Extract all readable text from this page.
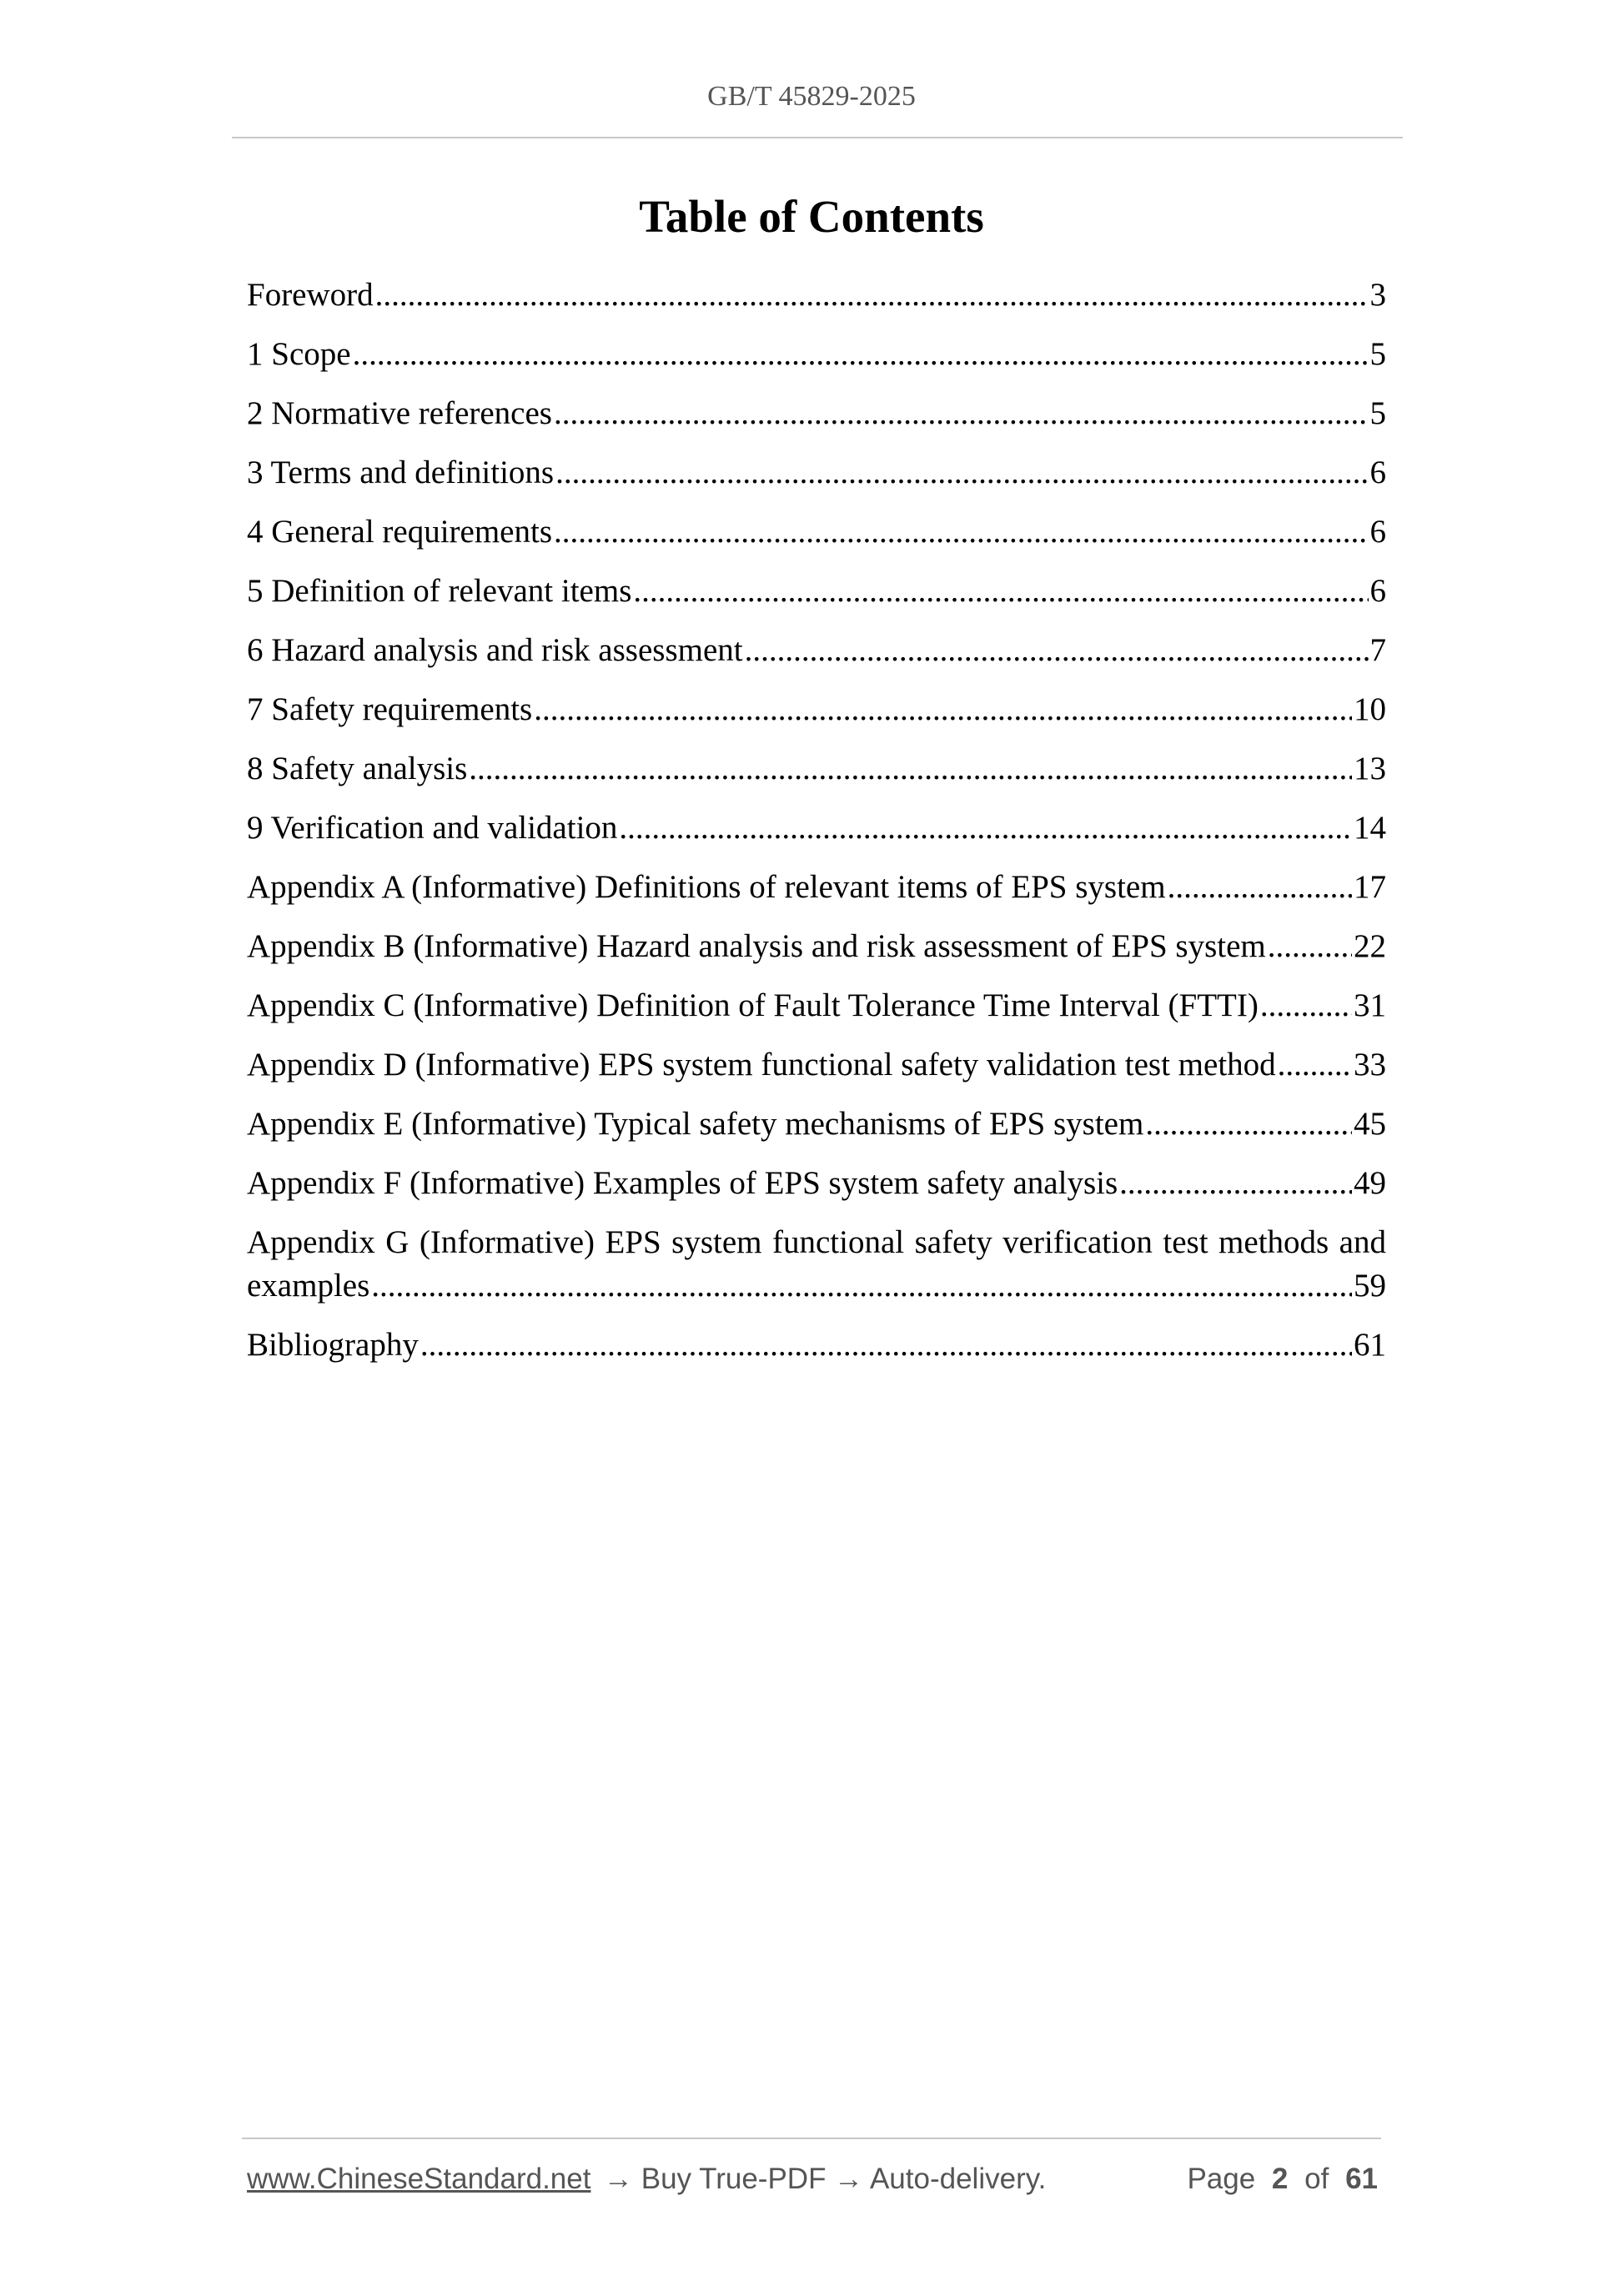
GB/T 45829-2025
Table of Contents
Foreword .....	3
1 Scope .....	5
2 Normative references .....	5
3 Terms and definitions .....	6
4 General requirements .....	6
5 Definition of relevant items .....	6
6 Hazard analysis and risk assessment .....	7
7 Safety requirements .....	10
8 Safety analysis .....	13
9 Verification and validation .....	14
Appendix A (Informative) Definitions of relevant items of EPS system .....	17
Appendix B (Informative) Hazard analysis and risk assessment of EPS system .....	22
Appendix C (Informative) Definition of Fault Tolerance Time Interval (FTTI) .....	31
Appendix D (Informative) EPS system functional safety validation test method ..... 33
Appendix E (Informative) Typical safety mechanisms of EPS system .....	45
Appendix F (Informative) Examples of EPS system safety analysis .....	49
Appendix G (Informative) EPS system functional safety verification test methods and
examples .....	59
Bibliography .....	61
www.ChineseStandard.net → Buy True-PDF → Auto-delivery.	Page 2 of 61
